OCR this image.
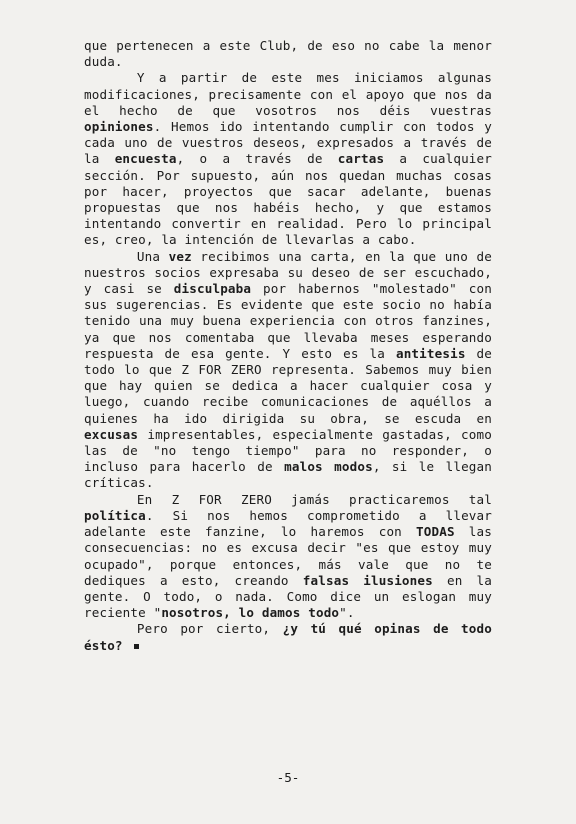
que pertenecen a este Club, de eso no cabe la menor duda.

Y a partir de este mes iniciamos algunas modificaciones, precisamente con el apoyo que nos da el hecho de que vosotros nos déis vuestras opiniones. Hemos ido intentando cumplir con todos y cada uno de vuestros deseos, expresados a través de la encuesta, o a través de cartas a cualquier sección. Por supuesto, aún nos quedan muchas cosas por hacer, proyectos que sacar adelante, buenas propuestas que nos habéis hecho, y que estamos intentando convertir en realidad. Pero lo principal es, creo, la intención de llevarlas a cabo.

Una vez recibimos una carta, en la que uno de nuestros socios expresaba su deseo de ser escuchado, y casi se disculpaba por habernos "molestado" con sus sugerencias. Es evidente que este socio no había tenido una muy buena experiencia con otros fanzines, ya que nos comentaba que llevaba meses esperando respuesta de esa gente. Y esto es la antitesis de todo lo que Z FOR ZERO representa. Sabemos muy bien que hay quien se dedica a hacer cualquier cosa y luego, cuando recibe comunicaciones de aquéllos a quienes ha ido dirigida su obra, se escuda en excusas impresentables, especialmente gastadas, como las de "no tengo tiempo" para no responder, o incluso para hacerlo de malos modos, si le llegan críticas.

En Z FOR ZERO jamás practicaremos tal política. Si nos hemos comprometido a llevar adelante este fanzine, lo haremos con TODAS las consecuencias: no es excusa decir "es que estoy muy ocupado", porque entonces, más vale que no te dediques a esto, creando falsas ilusiones en la gente. O todo, o nada. Como dice un eslogan muy reciente "nosotros, lo damos todo".

Pero por cierto, ¿y tú qué opinas de todo ésto?

-5-
